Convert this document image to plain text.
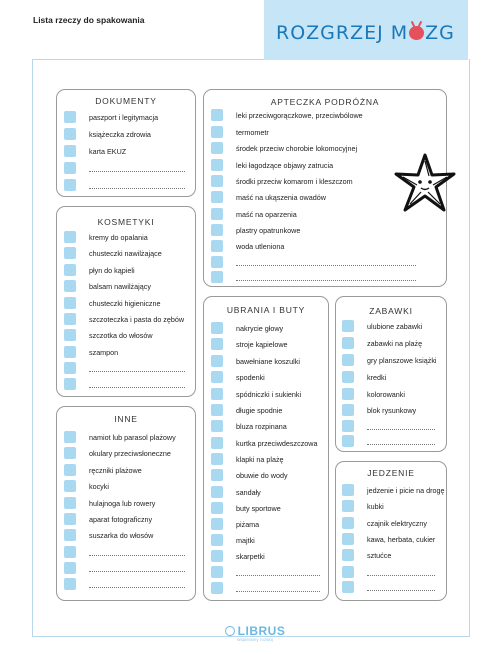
Lista rzeczy do spakowania
ROZGRZEJ M ZG
DOKUMENTY
paszport i legitymacja
książeczka zdrowia
karta EKUZ
KOSMETYKI
kremy do opalania
chusteczki nawilżające
płyn do kąpieli
balsam nawilżający
chusteczki higieniczne
szczoteczka i pasta do zębów
szczotka do włosów
szampon
INNE
namiot lub parasol plażowy
okulary przeciwsłoneczne
ręczniki plażowe
kocyki
hulajnoga lub rowery
aparat fotograficzny
suszarka do włosów
APTECZKA PODRÓŻNA
leki przeciwgorączkowe, przeciwbólowe
termometr
środek przeciw chorobie lokomocyjnej
leki łagodzące objawy zatrucia
środki przeciw komarom i kleszczom
maść na ukąszenia owadów
maść na oparzenia
plastry opatrunkowe
woda utleniona
UBRANIA I BUTY
nakrycie głowy
stroje kąpielowe
bawełniane koszulki
spodenki
spódniczki i sukienki
długie spodnie
bluza rozpinana
kurtka przeciwdeszczowa
klapki na plażę
obuwie do wody
sandały
buty sportowe
piżama
majtki
skarpetki
ZABAWKI
ulubione zabawki
zabawki na plażę
gry planszowe książki
kredki
kolorowanki
blok rysunkowy
JEDZENIE
jedzenie i picie na drogę
kubki
czajnik elektryczny
kawa, herbata, cukier
sztućce
LIBRUS
wspieramy rozwój
